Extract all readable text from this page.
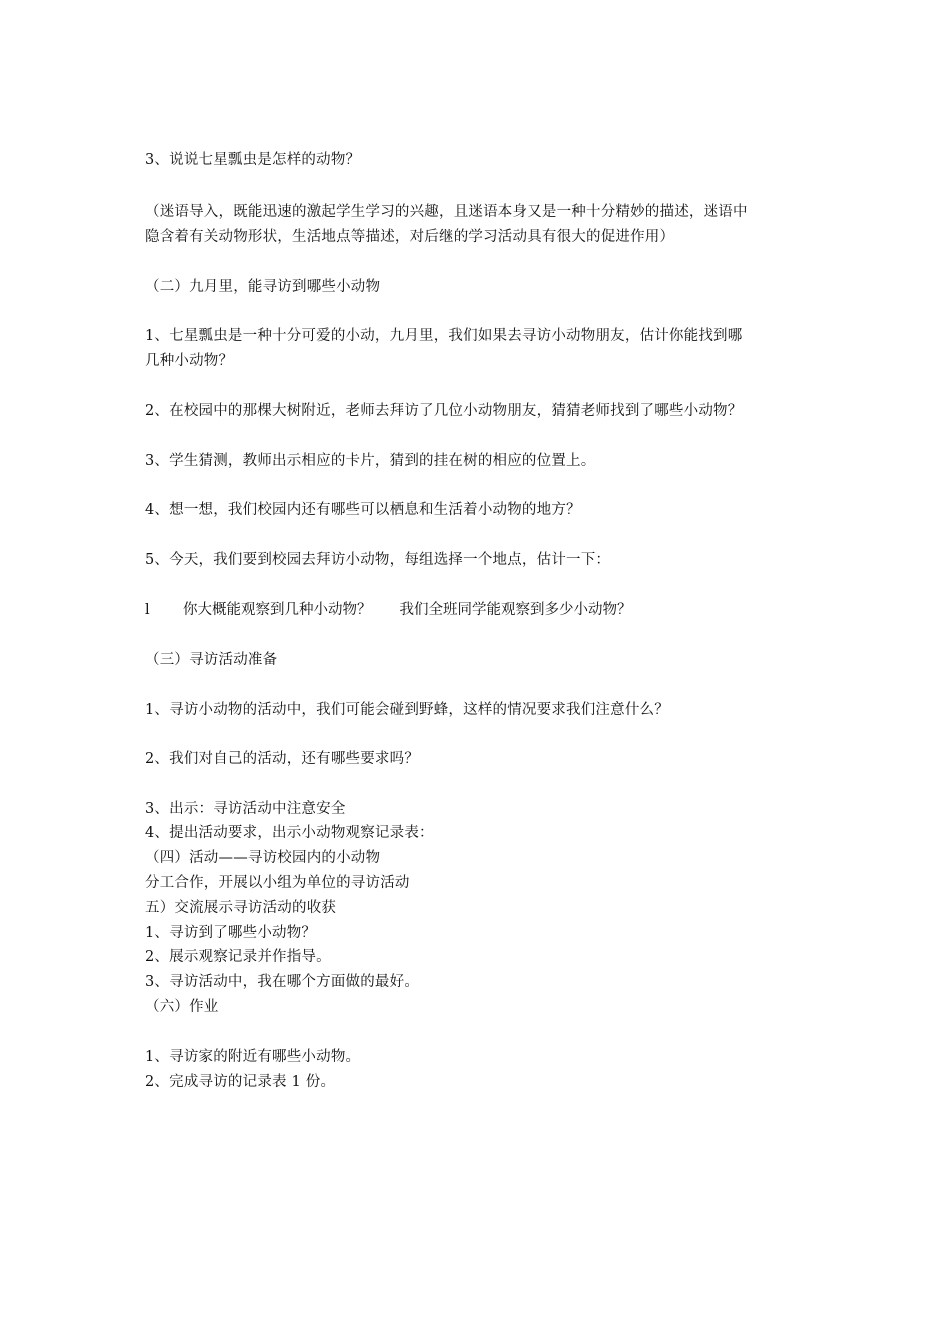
3、说说七星瓢虫是怎样的动物？
（迷语导入，既能迅速的激起学生学习的兴趣，且迷语本身又是一种十分精妙的描述，迷语中
隐含着有关动物形状，生活地点等描述，对后继的学习活动具有很大的促进作用）
（二）九月里，能寻访到哪些小动物
1、七星瓢虫是一种十分可爱的小动，九月里，我们如果去寻访小动物朋友，估计你能找到哪
几种小动物？
2、在校园中的那棵大树附近，老师去拜访了几位小动物朋友，猜猜老师找到了哪些小动物？
3、学生猜测，教师出示相应的卡片，猜到的挂在树的相应的位置上。
4、想一想，我们校园内还有哪些可以栖息和生活着小动物的地方？
5、今天，我们要到校园去拜访小动物，每组选择一个地点，估计一下：
l 你大概能观察到几种小动物？ 我们全班同学能观察到多少小动物？
（三）寻访活动准备
1、寻访小动物的活动中，我们可能会碰到野蜂，这样的情况要求我们注意什么？
2、我们对自己的活动，还有哪些要求吗？
3、出示：寻访活动中注意安全
4、提出活动要求，出示小动物观察记录表：
（四）活动——寻访校园内的小动物
分工合作，开展以小组为单位的寻访活动
五）交流展示寻访活动的收获
1、寻访到了哪些小动物？
2、展示观察记录并作指导。
3、寻访活动中，我在哪个方面做的最好。
（六）作业
1、寻访家的附近有哪些小动物。
2、完成寻访的记录表 1 份。
